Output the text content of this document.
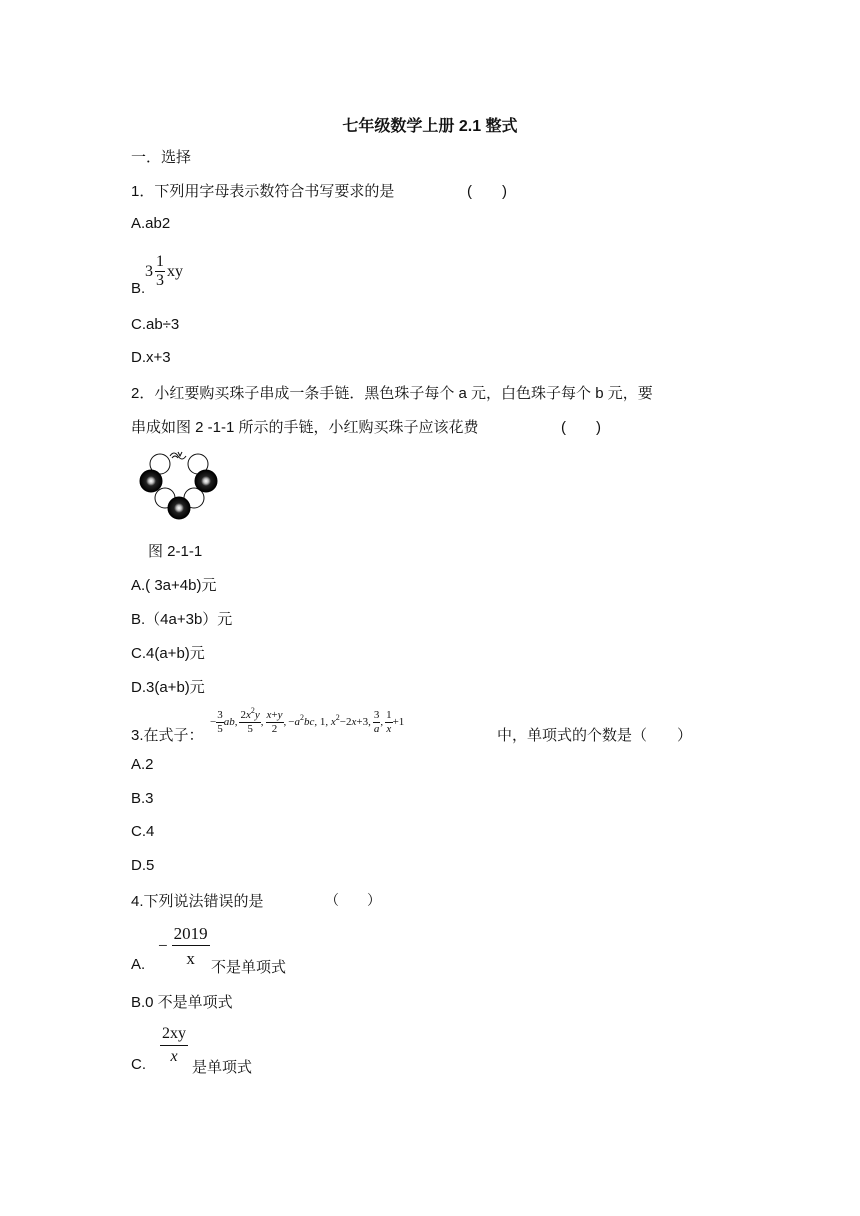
七年级数学上册 2.1 整式
一．选择
1．下列用字母表示数符合书写要求的是	(　　)
A.ab2
B.
$3 \frac{1}{3}$ xy
C.ab÷3
D.x+3
2．小红要购买珠子串成一条手链．黑色珠子每个 a 元，白色珠子每个 b 元，要
串成如图 2 -1-1 所示的手链，小红购买珠子应该花费	(　　)
图 2-1-1
A.( 3a+4b)元
B.（4a+3b）元
C.4(a+b)元
D.3(a+b)元
3.在式子：
− $\frac{3}{5}$ ab , $\frac{2x^2y}{5}$ , $\frac{x+y}{2}$ , $-a^2bc$, 1, $x^2-2x+3$, $\frac{3}{a}$ , $\frac{1}{x} +1$
中，单项式的个数是（　　）
A.2
B.3
C.4
D.5
4.下列说法错误的是	（　　）
A.
− $\frac{2019}{x}$
不是单项式
B.0 不是单项式
C. $\frac{2xy}{x}$
是单项式
